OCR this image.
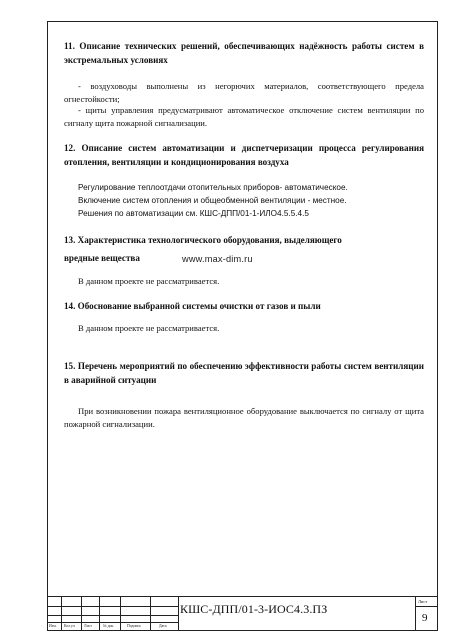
11. Описание технических решений, обеспечивающих надёжность работы систем в экстремальных условиях
- воздуховоды выполнены из негорючих материалов, соответствующего предела огнестойкости;
- щиты управления предусматривают автоматическое отключение систем вентиляции по сигналу щита пожарной сигнализации.
12. Описание систем автоматизации и диспетчеризации процесса регулирования отопления, вентиляции и кондиционирования воздуха
Регулирование теплоотдачи отопительных приборов- автоматическое.
Включение систем отопления и общеобменной вентиляции - местное.
Решения по автоматизации см. КШС-ДПП/01-1-ИЛО4.5.5.4.5
13. Характеристика технологического оборудования, выделяющего
вредные вещества	www.max-dim.ru
В данном проекте не рассматривается.
14. Обоснование выбранной системы очистки от газов и пыли
В данном проекте не рассматривается.
15. Перечень мероприятий по обеспечению эффективности работы систем вентиляции в аварийной ситуации
При возникновении пожара вентиляционное оборудование выключается по сигналу от щита пожарной сигнализации.
Изм. Кол.уч Лист	№ док.	Подпись	Дата
КШС-ДПП/01-3-ИОС4.3.ПЗ
Лист
9
